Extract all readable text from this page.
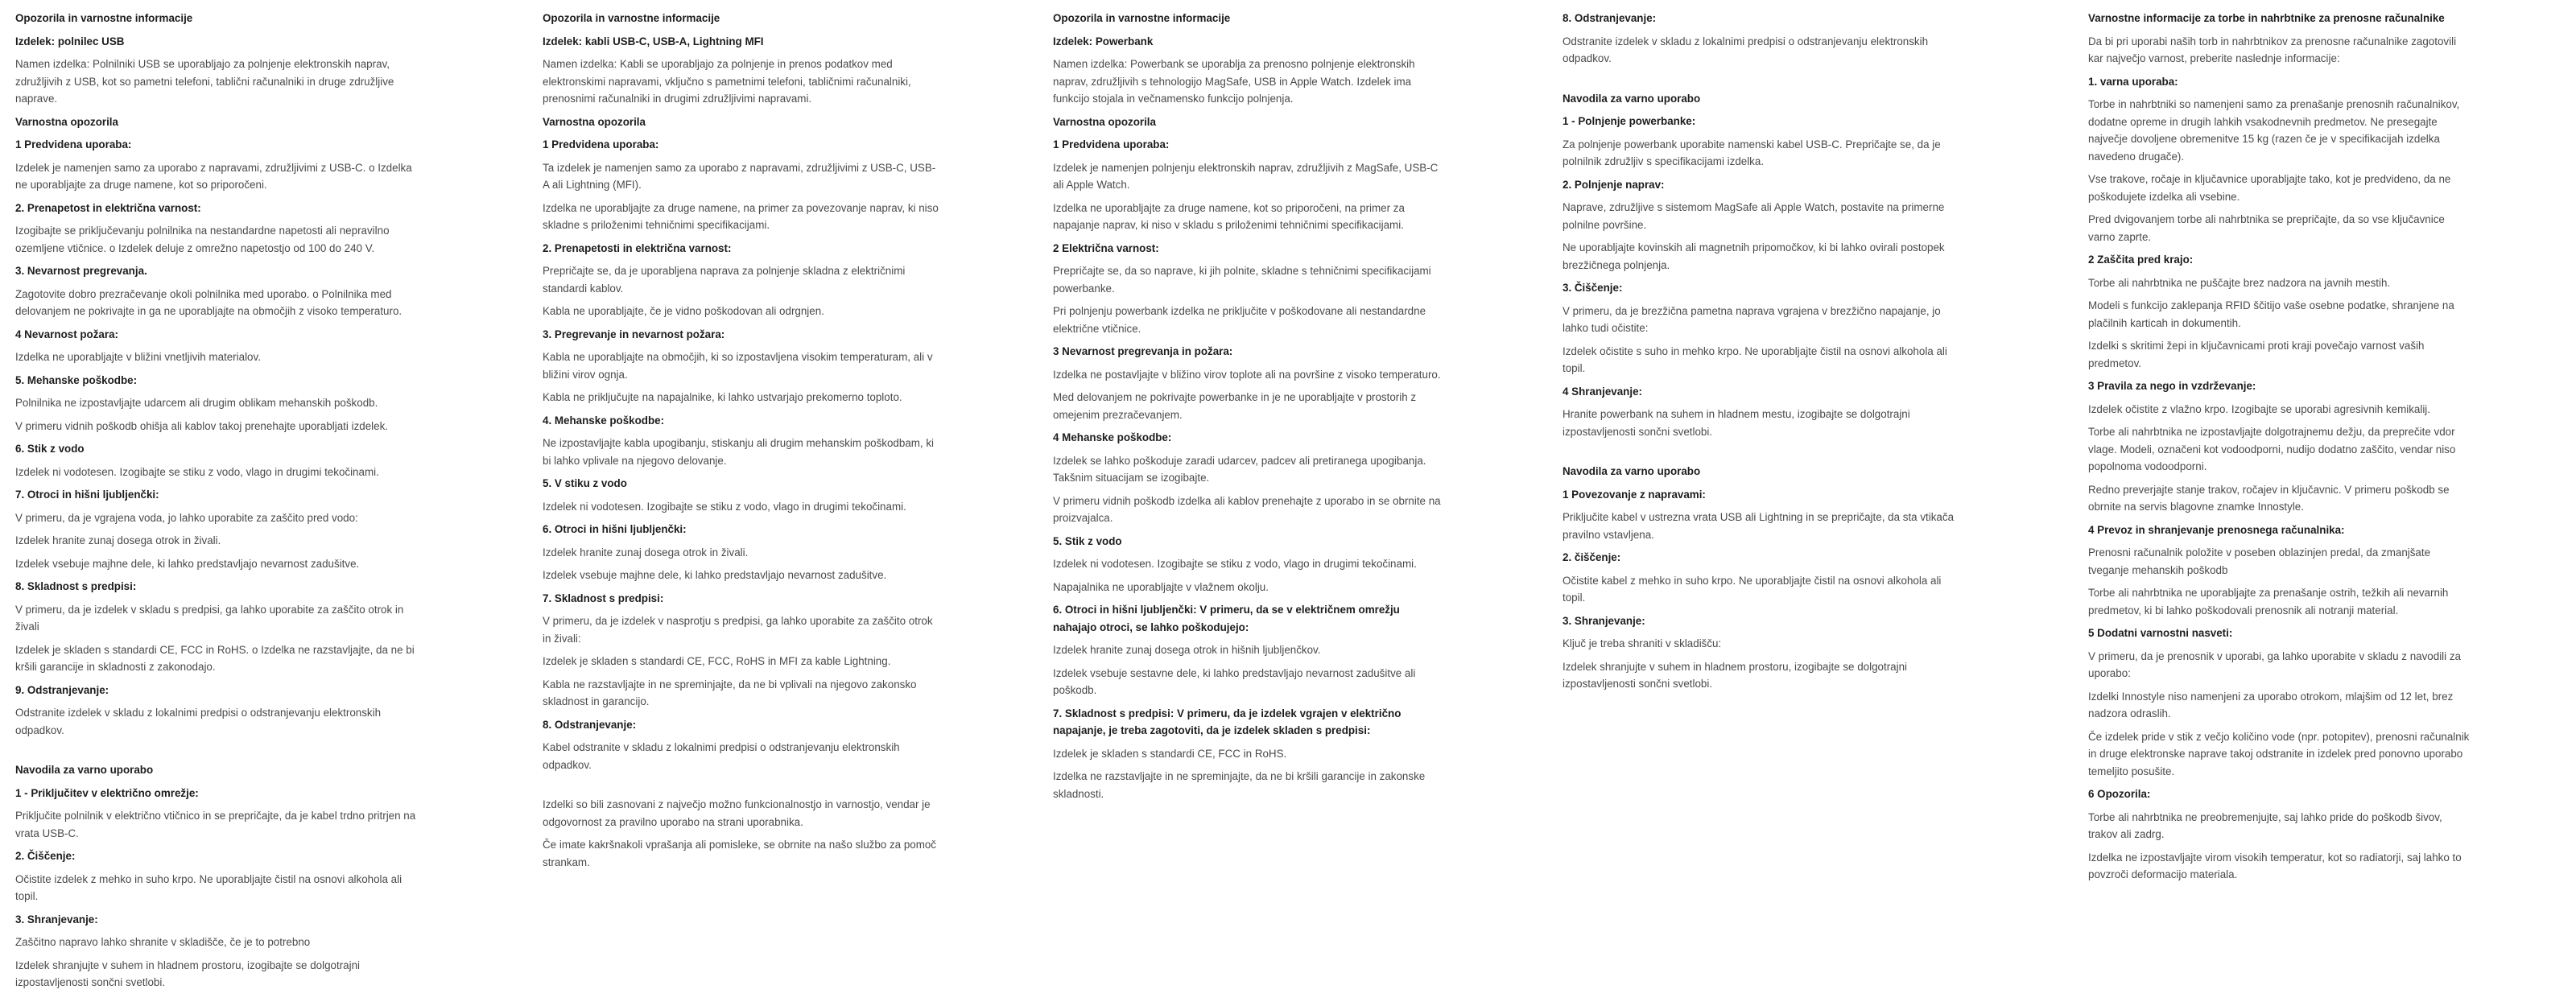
Opozorila in varnostne informacije
Izdelek: polnilec USB
Namen izdelka: Polnilniki USB se uporabljajo za polnjenje elektronskih naprav, združljivih z USB, kot so pametni telefoni, tablični računalniki in druge združljive naprave.
Varnostna opozorila
1 Predvidena uporaba:
Izdelek je namenjen samo za uporabo z napravami, združljivimi z USB-C. o Izdelka ne uporabljajte za druge namene, kot so priporočeni.
2. Prenapetost in električna varnost:
Izogibajte se priključevanju polnilnika na nestandardne napetosti ali nepravilno ozemljene vtičnice. o Izdelek deluje z omrežno napetostjo od 100 do 240 V.
3. Nevarnost pregrevanja.
Zagotovite dobro prezračevanje okoli polnilnika med uporabo. o Polnilnika med delovanjem ne pokrivajte in ga ne uporabljajte na območjih z visoko temperaturo.
4 Nevarnost požara:
Izdelka ne uporabljajte v bližini vnetljivih materialov.
5. Mehanske poškodbe:
Polnilnika ne izpostavljajte udarcem ali drugim oblikam mehanskih poškodb.
V primeru vidnih poškodb ohišja ali kablov takoj prenehajte uporabljati izdelek.
6. Stik z vodo
Izdelek ni vodotesen. Izogibajte se stiku z vodo, vlago in drugimi tekočinami.
7. Otroci in hišni ljubljenčki:
V primeru, da je vgrajena voda, jo lahko uporabite za zaščito pred vodo:
Izdelek hranite zunaj dosega otrok in živali.
Izdelek vsebuje majhne dele, ki lahko predstavljajo nevarnost zadušitve.
8. Skladnost s predpisi:
V primeru, da je izdelek v skladu s predpisi, ga lahko uporabite za zaščito otrok in živali
Izdelek je skladen s standardi CE, FCC in RoHS. o Izdelka ne razstavljajte, da ne bi kršili garancije in skladnosti z zakonodajo.
9. Odstranjevanje:
Odstranite izdelek v skladu z lokalnimi predpisi o odstranjevanju elektronskih odpadkov.
Navodila za varno uporabo
1 - Priključitev v električno omrežje:
Priključite polnilnik v električno vtičnico in se prepričajte, da je kabel trdno pritrjen na vrata USB-C.
2. Čiščenje:
Očistite izdelek z mehko in suho krpo. Ne uporabljajte čistil na osnovi alkohola ali topil.
3. Shranjevanje:
Zaščitno napravo lahko shranite v skladišče, če je to potrebno
Izdelek shranjujte v suhem in hladnem prostoru, izogibajte se dolgotrajni izpostavljenosti sončni svetlobi.
Opozorila in varnostne informacije
Izdelek: kabli USB-C, USB-A, Lightning MFI
Namen izdelka: Kabli se uporabljajo za polnjenje in prenos podatkov med elektronskimi napravami, vključno s pametnimi telefoni, tabličnimi računalniki, prenosnimi računalniki in drugimi združljivimi napravami.
Varnostna opozorila
1 Predvidena uporaba:
Ta izdelek je namenjen samo za uporabo z napravami, združljivimi z USB-C, USB-A ali Lightning (MFI).
Izdelka ne uporabljajte za druge namene, na primer za povezovanje naprav, ki niso skladne s priloženimi tehničnimi specifikacijami.
2. Prenapetosti in električna varnost:
Prepričajte se, da je uporabljena naprava za polnjenje skladna z električnimi standardi kablov.
Kabla ne uporabljajte, če je vidno poškodovan ali odrgnjen.
3. Pregrevanje in nevarnost požara:
Kabla ne uporabljajte na območjih, ki so izpostavljena visokim temperaturam, ali v bližini virov ognja.
Kabla ne priključujte na napajalnike, ki lahko ustvarjajo prekomerno toploto.
4. Mehanske poškodbe:
Ne izpostavljajte kabla upogibanju, stiskanju ali drugim mehanskim poškodbam, ki bi lahko vplivale na njegovo delovanje.
5. V stiku z vodo
Izdelek ni vodotesen. Izogibajte se stiku z vodo, vlago in drugimi tekočinami.
6. Otroci in hišni ljubljenčki:
Izdelek hranite zunaj dosega otrok in živali.
Izdelek vsebuje majhne dele, ki lahko predstavljajo nevarnost zadušitve.
7. Skladnost s predpisi:
V primeru, da je izdelek v nasprotju s predpisi, ga lahko uporabite za zaščito otrok in živali:
Izdelek je skladen s standardi CE, FCC, RoHS in MFI za kable Lightning.
Kabla ne razstavljajte in ne spreminjajte, da ne bi vplivali na njegovo zakonsko skladnost in garancijo.
8. Odstranjevanje:
Kabel odstranite v skladu z lokalnimi predpisi o odstranjevanju elektronskih odpadkov.
Izdelki so bili zasnovani z največjo možno funkcionalnostjo in varnostjo, vendar je odgovornost za pravilno uporabo na strani uporabnika.
Če imate kakršnakoli vprašanja ali pomisleke, se obrnite na našo službo za pomoč strankam.
Opozorila in varnostne informacije
Izdelek: Powerbank
Namen izdelka: Powerbank se uporablja za prenosno polnjenje elektronskih naprav, združljivih s tehnologijo MagSafe, USB in Apple Watch. Izdelek ima funkcijo stojala in večnamensko funkcijo polnjenja.
Varnostna opozorila
1 Predvidena uporaba:
Izdelek je namenjen polnjenju elektronskih naprav, združljivih z MagSafe, USB-C ali Apple Watch.
Izdelka ne uporabljajte za druge namene, kot so priporočeni, na primer za napajanje naprav, ki niso v skladu s priloženimi tehničnimi specifikacijami.
2 Električna varnost:
Prepričajte se, da so naprave, ki jih polnite, skladne s tehničnimi specifikacijami powerbanke.
Pri polnjenju powerbank izdelka ne priključite v poškodovane ali nestandardne električne vtičnice.
3 Nevarnost pregrevanja in požara:
Izdelka ne postavljajte v bližino virov toplote ali na površine z visoko temperaturo.
Med delovanjem ne pokrivajte powerbanke in je ne uporabljajte v prostorih z omejenim prezračevanjem.
4 Mehanske poškodbe:
Izdelek se lahko poškoduje zaradi udarcev, padcev ali pretiranega upogibanja. Takšnim situacijam se izogibajte.
V primeru vidnih poškodb izdelka ali kablov prenehajte z uporabo in se obrnite na proizvajalca.
5. Stik z vodo
Izdelek ni vodotesen. Izogibajte se stiku z vodo, vlago in drugimi tekočinami.
Napajalnika ne uporabljajte v vlažnem okolju.
6. Otroci in hišni ljubljenčki: V primeru, da se v električnem omrežju nahajajo otroci, se lahko poškodujejo:
Izdelek hranite zunaj dosega otrok in hišnih ljubljenčkov.
Izdelek vsebuje sestavne dele, ki lahko predstavljajo nevarnost zadušitve ali poškodb.
7. Skladnost s predpisi: V primeru, da je izdelek vgrajen v električno napajanje, je treba zagotoviti, da je izdelek skladen s predpisi:
Izdelek je skladen s standardi CE, FCC in RoHS.
Izdelka ne razstavljajte in ne spreminjajte, da ne bi kršili garancije in zakonske skladnosti.
8. Odstranjevanje:
Odstranite izdelek v skladu z lokalnimi predpisi o odstranjevanju elektronskih odpadkov.
Navodila za varno uporabo
1 - Polnjenje powerbanke:
Za polnjenje powerbank uporabite namenski kabel USB-C. Prepričajte se, da je polnilnik združljiv s specifikacijami izdelka.
2. Polnjenje naprav:
Naprave, združljive s sistemom MagSafe ali Apple Watch, postavite na primerne polnilne površine.
Ne uporabljajte kovinskih ali magnetnih pripomočkov, ki bi lahko ovirali postopek brezžičnega polnjenja.
3. Čiščenje:
V primeru, da je brezžična pametna naprava vgrajena v brezžično napajanje, jo lahko tudi očistite:
Izdelek očistite s suho in mehko krpo. Ne uporabljajte čistil na osnovi alkohola ali topil.
4 Shranjevanje:
Hranite powerbank na suhem in hladnem mestu, izogibajte se dolgotrajni izpostavljenosti sončni svetlobi.
Navodila za varno uporabo
1 Povezovanje z napravami:
Priključite kabel v ustrezna vrata USB ali Lightning in se prepričajte, da sta vtikača pravilno vstavljena.
2. čiščenje:
Očistite kabel z mehko in suho krpo. Ne uporabljajte čistil na osnovi alkohola ali topil.
3. Shranjevanje:
Ključ je treba shraniti v skladišču:
Izdelek shranjujte v suhem in hladnem prostoru, izogibajte se dolgotrajni izpostavljenosti sončni svetlobi.
Varnostne informacije za torbe in nahrbtnike za prenosne računalnike
Da bi pri uporabi naših torb in nahrbtnikov za prenosne računalnike zagotovili kar največjo varnost, preberite naslednje informacije:
1. varna uporaba:
Torbe in nahrbtniki so namenjeni samo za prenašanje prenosnih računalnikov, dodatne opreme in drugih lahkih vsakodnevnih predmetov. Ne presegajte največje dovoljene obremenitve 15 kg (razen če je v specifikacijah izdelka navedeno drugače).
Vse trakove, ročaje in ključavnice uporabljajte tako, kot je predvideno, da ne poškodujete izdelka ali vsebine.
Pred dvigovanjem torbe ali nahrbtnika se prepričajte, da so vse ključavnice varno zaprte.
2 Zaščita pred krajo:
Torbe ali nahrbtnika ne puščajte brez nadzora na javnih mestih.
Modeli s funkcijo zaklepanja RFID ščitijo vaše osebne podatke, shranjene na plačilnih karticah in dokumentih.
Izdelki s skritimi žepi in ključavnicami proti kraji povečajo varnost vaših predmetov.
3 Pravila za nego in vzdrževanje:
Izdelek očistite z vlažno krpo. Izogibajte se uporabi agresivnih kemikalij.
Torbe ali nahrbtnika ne izpostavljajte dolgotrajnemu dežju, da preprečite vdor vlage. Modeli, označeni kot vodoodporni, nudijo dodatno zaščito, vendar niso popolnoma vodoodporni.
Redno preverjajte stanje trakov, ročajev in ključavnic. V primeru poškodb se obrnite na servis blagovne znamke Innostyle.
4 Prevoz in shranjevanje prenosnega računalnika:
Prenosni računalnik položite v poseben oblazinjen predal, da zmanjšate tveganje mehanskih poškodb
Torbe ali nahrbtnika ne uporabljajte za prenašanje ostrih, težkih ali nevarnih predmetov, ki bi lahko poškodovali prenosnik ali notranji material.
5 Dodatni varnostni nasveti:
V primeru, da je prenosnik v uporabi, ga lahko uporabite v skladu z navodili za uporabo:
Izdelki Innostyle niso namenjeni za uporabo otrokom, mlajšim od 12 let, brez nadzora odraslih.
Če izdelek pride v stik z večjo količino vode (npr. potopitev), prenosni računalnik in druge elektronske naprave takoj odstranite in izdelek pred ponovno uporabo temeljito posušite.
6 Opozorila:
Torbe ali nahrbtnika ne preobremenjujte, saj lahko pride do poškodb šivov, trakov ali zadrg.
Izdelka ne izpostavljajte virom visokih temperatur, kot so radiatorji, saj lahko to povzroči deformacijo materiala.
